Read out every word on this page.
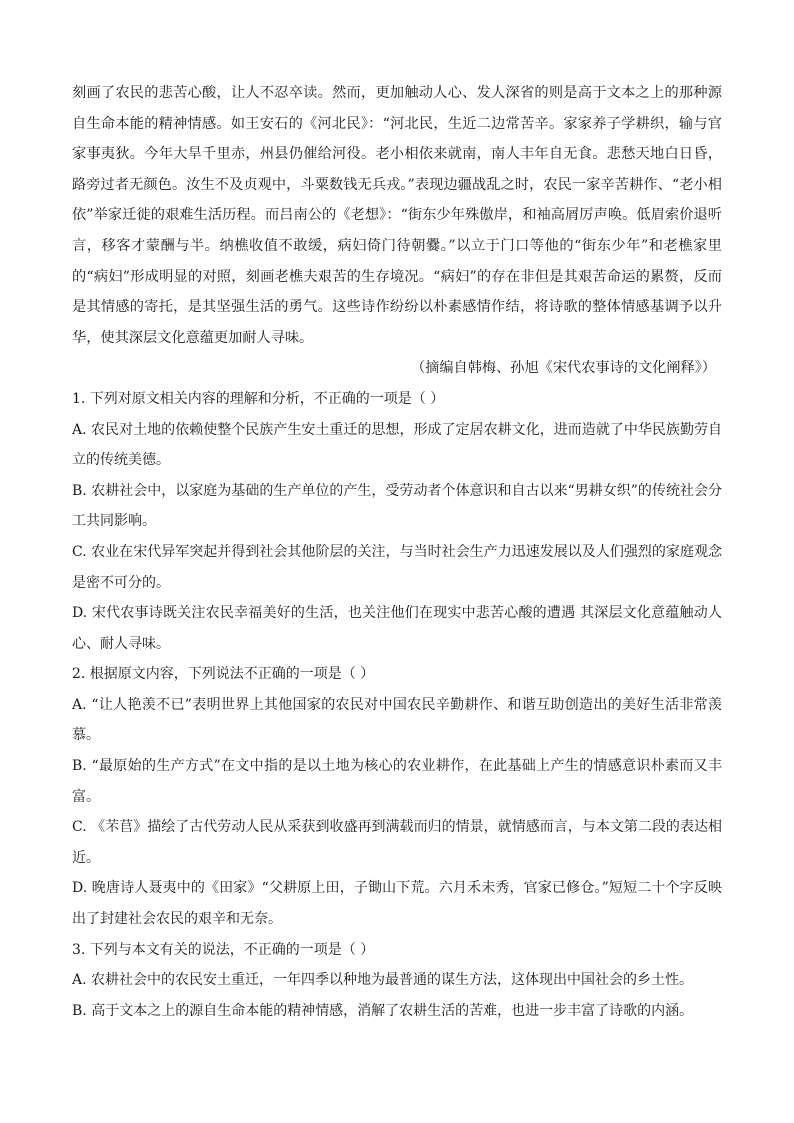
刻画了农民的悲苦心酸，让人不忍卒读。然而，更加触动人心、发人深省的则是高于文本之上的那种源自生命本能的精神情感。如王安石的《河北民》：“河北民，生近二边常苦辛。家家养子学耕织，输与官家事夷狄。今年大旱千里赤，州县仍催给河役。老小相依来就南，南人丰年自无食。悲愁天地白日昏，路旁过者无颜色。汝生不及贞观中，斗粟数钱无兵戎。”表现边疆战乱之时，农民一家辛苦耕作、“老小相依”举家迁徙的艰难生活历程。而吕南公的《老想》：“街东少年殊傲岸，和袖高屑厉声唤。低眉索价退听言，移客才蒙酬与半。纳樵收值不敢缓，病妇倚门待朝爨。”以立于门口等他的“街东少年”和老樵家里的“病妇”形成明显的对照，刻画老樵夫艰苦的生存境况。“病妇”的存在非但是其艰苦命运的累赘，反而是其情感的寄托，是其坚强生活的勇气。这些诗作纷纷以朴素感情作结，将诗歌的整体情感基调予以升华，使其深层文化意蕴更加耐人寻味。

（摘编自韩梅、孙旭《宋代农事诗的文化阐释》）

1. 下列对原文相关内容的理解和分析，不正确的一项是（ ）

A. 农民对土地的依赖使整个民族产生安土重迁的思想，形成了定居农耕文化，进而造就了中华民族勤劳自立的传统美德。

B. 农耕社会中，以家庭为基础的生产单位的产生，受劳动者个体意识和自古以来“男耕女织”的传统社会分工共同影响。

C. 农业在宋代异军突起并得到社会其他阶层的关注，与当时社会生产力迅速发展以及人们强烈的家庭观念是密不可分的。

D. 宋代农事诗既关注农民幸福美好的生活，也关注他们在现实中悲苦心酸的遭遇 其深层文化意蕴触动人心、耐人寻味。

2. 根据原文内容，下列说法不正确的一项是（ ）

A. “让人艳羡不已”表明世界上其他国家的农民对中国农民辛勤耕作、和谐互助创造出的美好生活非常羡慕。

B. “最原始的生产方式”在文中指的是以土地为核心的农业耕作，在此基础上产生的情感意识朴素而又丰富。

C. 《芣苢》描绘了古代劳动人民从采获到收盛再到满载而归的情景，就情感而言，与本文第二段的表达相近。

D. 晚唐诗人聂夷中的《田家》“父耕原上田，子锄山下荒。六月禾未秀，官家已修仓。”短短二十个字反映出了封建社会农民的艰辛和无奈。

3. 下列与本文有关的说法，不正确的一项是（ ）

A. 农耕社会中的农民安土重迁，一年四季以种地为最普通的谋生方法，这体现出中国社会的乡土性。

B. 高于文本之上的源自生命本能的精神情感，消解了农耕生活的苦难，也进一步丰富了诗歌的内涵。
